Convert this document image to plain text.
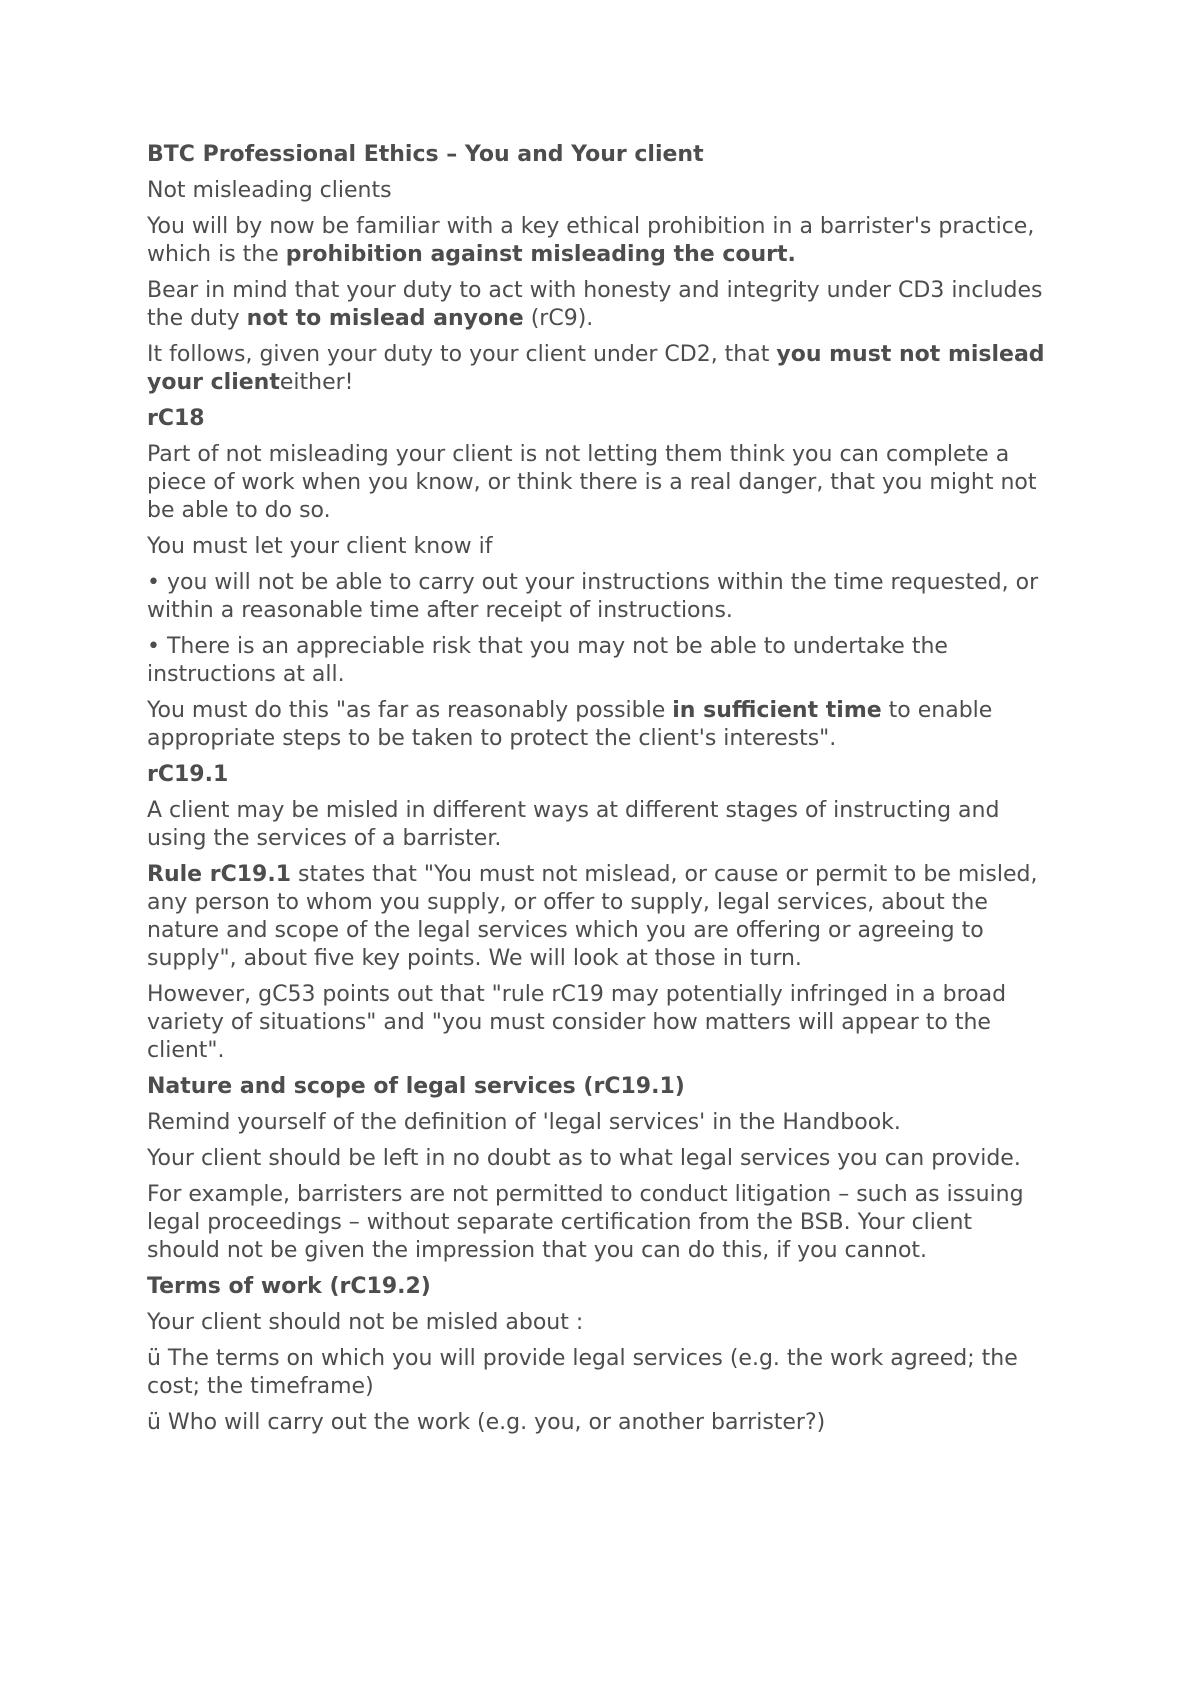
BTC Professional Ethics – You and Your client

Not misleading clients

You will by now be familiar with a key ethical prohibition in a barrister's practice, which is the prohibition against misleading the court.

Bear in mind that your duty to act with honesty and integrity under CD3 includes the duty not to mislead anyone (rC9).

It follows, given your duty to your client under CD2, that you must not mislead your clienteither!

rC18

Part of not misleading your client is not letting them think you can complete a piece of work when you know, or think there is a real danger, that you might not be able to do so.

You must let your client know if

• you will not be able to carry out your instructions within the time requested, or within a reasonable time after receipt of instructions.

• There is an appreciable risk that you may not be able to undertake the instructions at all.

You must do this "as far as reasonably possible in sufficient time to enable appropriate steps to be taken to protect the client's interests".

rC19.1

A client may be misled in different ways at different stages of instructing and using the services of a barrister.

Rule rC19.1 states that "You must not mislead, or cause or permit to be misled, any person to whom you supply, or offer to supply, legal services, about the nature and scope of the legal services which you are offering or agreeing to supply", about five key points. We will look at those in turn.

However, gC53 points out that "rule rC19 may potentially infringed in a broad variety of situations" and "you must consider how matters will appear to the client".

Nature and scope of legal services (rC19.1)

Remind yourself of the definition of 'legal services' in the Handbook.

Your client should be left in no doubt as to what legal services you can provide.

For example, barristers are not permitted to conduct litigation – such as issuing legal proceedings – without separate certification from the BSB. Your client should not be given the impression that you can do this, if you cannot.

Terms of work (rC19.2)

Your client should not be misled about :

ü The terms on which you will provide legal services (e.g. the work agreed; the cost; the timeframe)

ü Who will carry out the work (e.g. you, or another barrister?)
